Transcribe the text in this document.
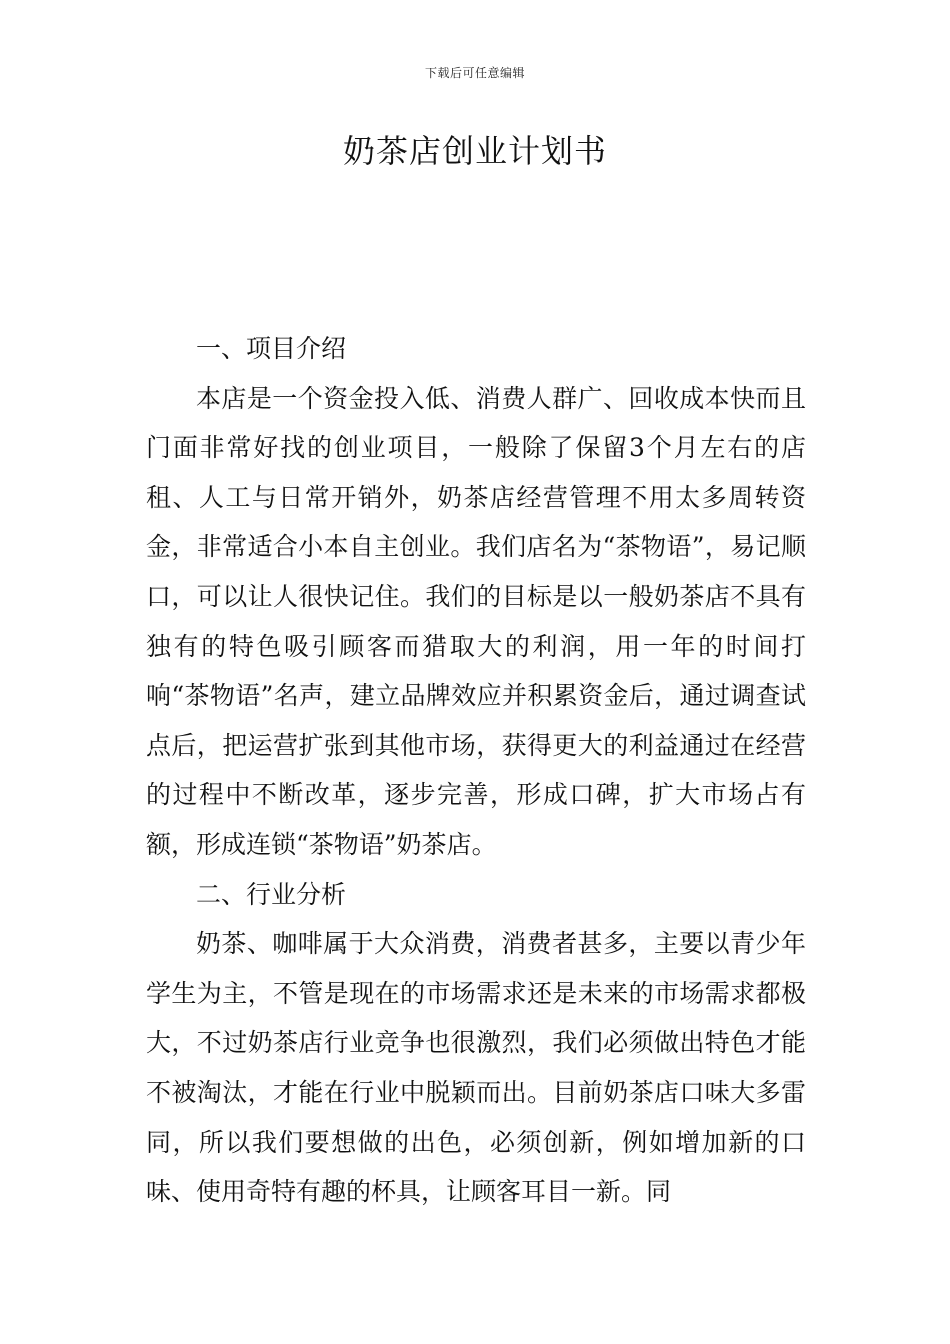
下载后可任意编辑
奶茶店创业计划书
一、项目介绍

本店是一个资金投入低、消费人群广、回收成本快而且门面非常好找的创业项目，一般除了保留3个月左右的店租、人工与日常开销外，奶茶店经营管理不用太多周转资金，非常适合小本自主创业。我们店名为“茶物语”，易记顺口，可以让人很快记住。我们的目标是以一般奶茶店不具有独有的特色吸引顾客而猎取大的利润，用一年的时间打响“茶物语”名声，建立品牌效应并积累资金后，通过调查试点后，把运营扩张到其他市场，获得更大的利益通过在经营的过程中不断改革，逐步完善，形成口碑，扩大市场占有额，形成连锁“茶物语”奶茶店。

二、行业分析

奶茶、咖啡属于大众消费，消费者甚多，主要以青少年学生为主，不管是现在的市场需求还是未来的市场需求都极大，不过奶茶店行业竞争也很激烈，我们必须做出特色才能不被淘汰，才能在行业中脱颖而出。目前奶茶店口味大多雷同，所以我们要想做的出色，必须创新，例如增加新的口味、使用奇特有趣的杯具，让顾客耳目一新。同
